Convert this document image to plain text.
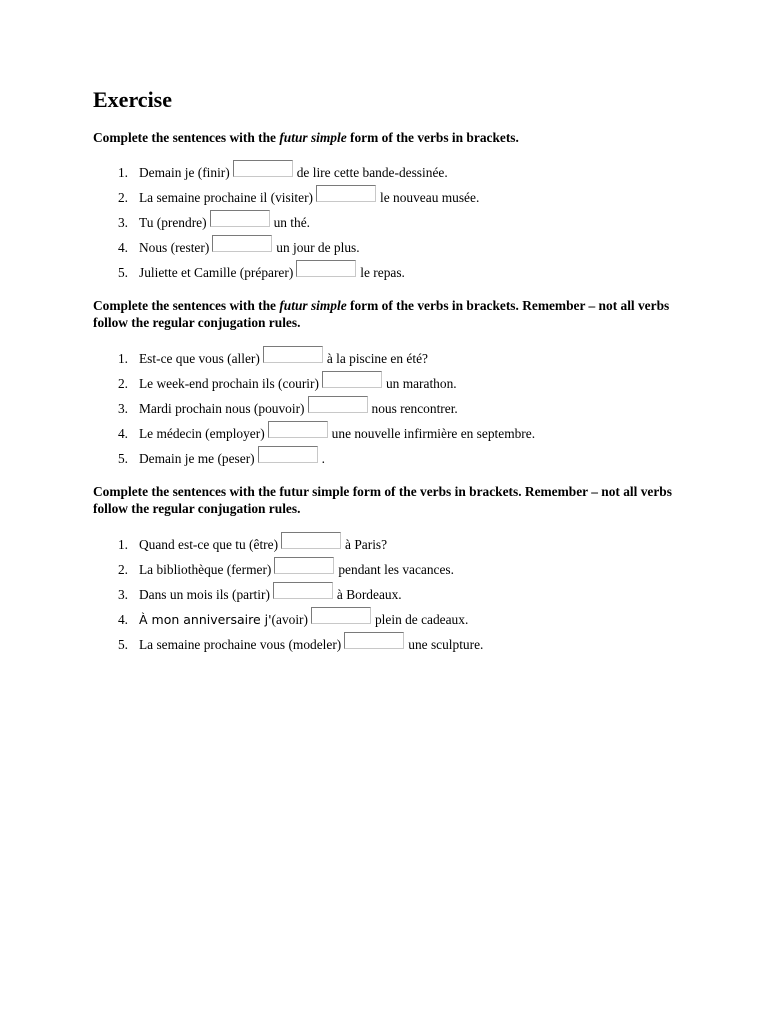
Exercise

Complete the sentences with the futur simple form of the verbs in brackets.

1. Demain je (finir)	de lire cette bande-dessinée.
2. La semaine prochaine il (visiter)	le nouveau musée.
3. Tu (prendre)	un thé.
4. Nous (rester)	un jour de plus.
5. Juliette et Camille (préparer)	le repas.

Complete the sentences with the futur simple form of the verbs in brackets. Remember – not all verbs follow the regular conjugation rules.

1. Est-ce que vous (aller)	à la piscine en été?
2. Le week-end prochain ils (courir)	un marathon.
3. Mardi prochain nous (pouvoir)	nous rencontrer.
4. Le médecin (employer)	une nouvelle infirmière en septembre.
5. Demain je me (peser)	.

Complete the sentences with the futur simple form of the verbs in brackets. Remember – not all verbs follow the regular conjugation rules.

1. Quand est-ce que tu (être)	à Paris?
2. La bibliothèque (fermer)	pendant les vacances.
3. Dans un mois ils (partir)	à Bordeaux.
4. À mon anniversaire j' (avoir)	plein de cadeaux.
5. La semaine prochaine vous (modeler)	une sculpture.
